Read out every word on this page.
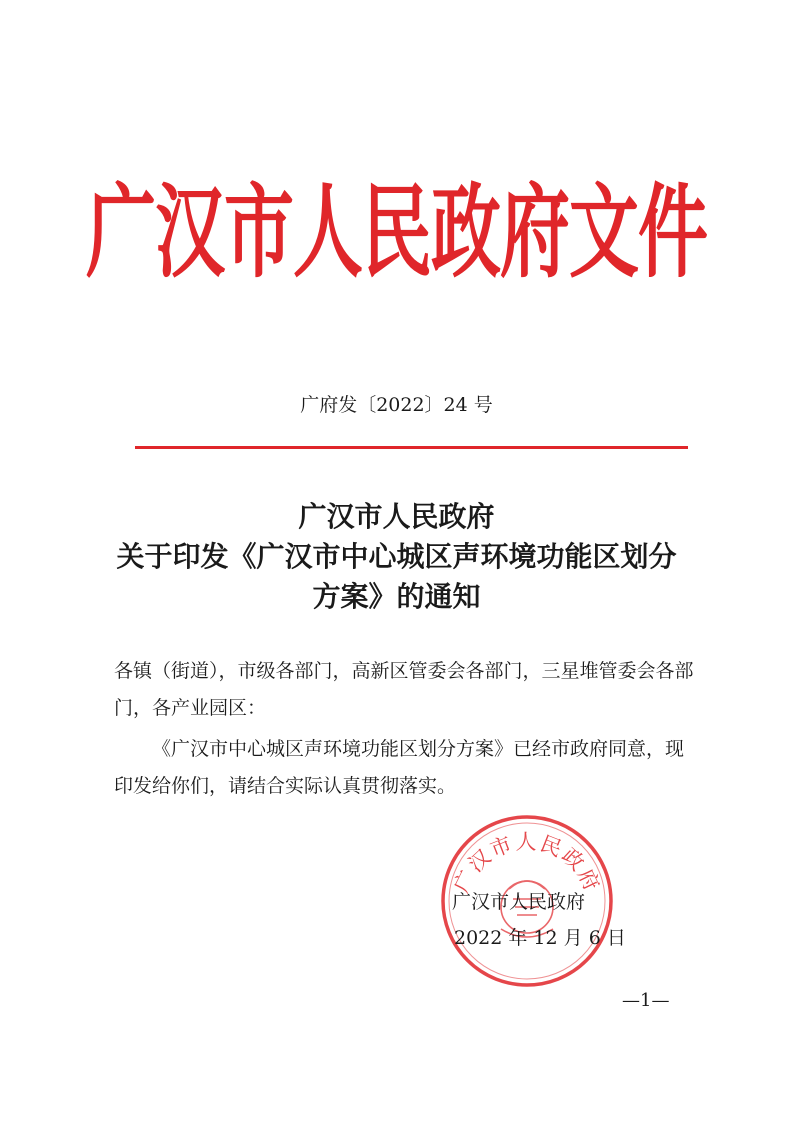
广汉市人民政府文件
广府发〔2022〕24 号
广汉市人民政府
关于印发《广汉市中心城区声环境功能区划分
方案》的通知
各镇（街道），市级各部门，高新区管委会各部门，三星堆管委会各部门，各产业园区：
《广汉市中心城区声环境功能区划分方案》已经市政府同意，现印发给你们，请结合实际认真贯彻落实。
广汉市人民政府
广汉市人民政府
2022 年 12 月 6 日
—1—
